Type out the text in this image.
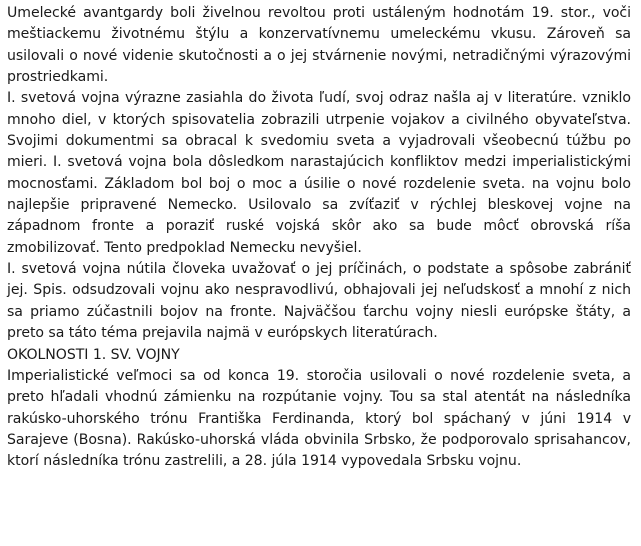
Umelecké avantgardy boli živelnou revoltou proti ustáleným hodnotám 19. stor., voči meštiackemu životnému štýlu a konzervatívnemu umeleckému vkusu. Zároveň sa usilovali o nové videnie skutočnosti a o jej stvárnenie novými, netradičnými výrazovými prostriedkami.

I. svetová vojna výrazne zasiahla do života ľudí, svoj odraz našla aj v literatúre. vzniklo mnoho diel, v ktorých spisovatelia zobrazili utrpenie vojakov a civilného obyvateľstva. Svojimi dokumentmi sa obracal k svedomiu sveta a vyjadrovali všeobecnú túžbu po mieri. I. svetová vojna bola dôsledkom narastajúcich konfliktov medzi imperialistickými mocnosťami. Základom bol boj o moc a úsilie o nové rozdelenie sveta. na vojnu bolo najlepšie pripravené Nemecko. Usilovalo sa zvíťaziť v rýchlej bleskovej vojne na západnom fronte a poraziť ruské vojská skôr ako sa bude môcť obrovská ríša zmobilizovať. Tento predpoklad Nemecku nevyšiel.

I. svetová vojna nútila človeka uvažovať o jej príčinách, o podstate a spôsobe zabrániť jej. Spis. odsudzovali vojnu ako nespravodlivú, obhajovali jej neľudskosť a mnohí z nich sa priamo zúčastnili bojov na fronte. Najväčšou ťarchu vojny niesli európske štáty, a preto sa táto téma prejavila najmä v európskych literatúrach.

OKOLNOSTI 1. SV. VOJNY

Imperialistické veľmoci sa od konca 19. storočia usilovali o nové rozdelenie sveta, a preto hľadali vhodnú zámienku na rozpútanie vojny. Tou sa stal atentát na následníka rakúsko-uhorského trónu Františka Ferdinanda, ktorý bol spáchaný v júni 1914 v Sarajeve (Bosna). Rakúsko-uhorská vláda obvinila Srbsko, že podporovalo sprisahancov, ktorí následníka trónu zastrelili, a 28. júla 1914 vypovedala Srbsku vojnu.
